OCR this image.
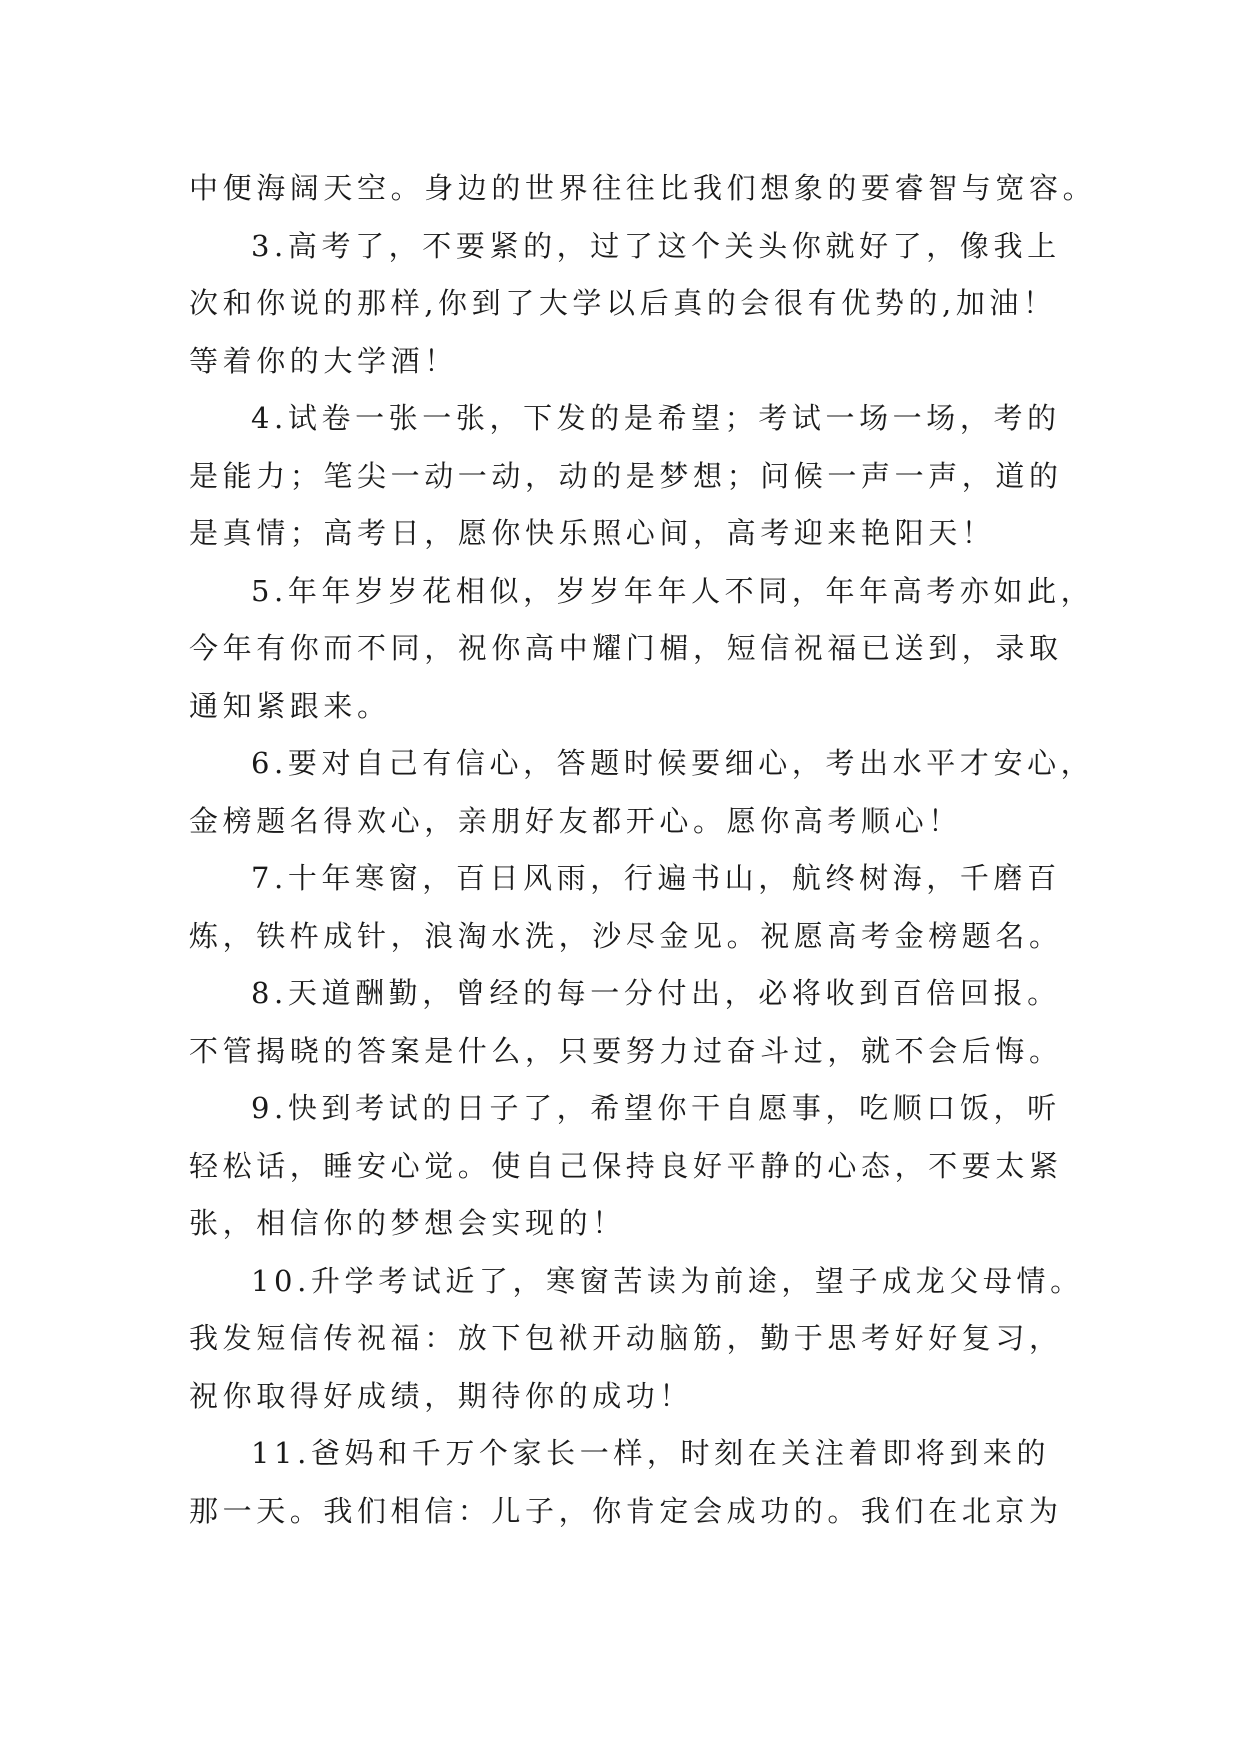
中便海阔天空。身边的世界往往比我们想象的要睿智与宽容。
3.高考了，不要紧的，过了这个关头你就好了，像我上
次和你说的那样,你到了大学以后真的会很有优势的,加油！
等着你的大学酒！
4.试卷一张一张，下发的是希望；考试一场一场，考的
是能力；笔尖一动一动，动的是梦想；问候一声一声，道的
是真情；高考日，愿你快乐照心间，高考迎来艳阳天！
5.年年岁岁花相似，岁岁年年人不同，年年高考亦如此，
今年有你而不同，祝你高中耀门楣，短信祝福已送到，录取
通知紧跟来。
6.要对自己有信心，答题时候要细心，考出水平才安心，
金榜题名得欢心，亲朋好友都开心。愿你高考顺心！
7.十年寒窗，百日风雨，行遍书山，航终树海，千磨百
炼，铁杵成针，浪淘水洗，沙尽金见。祝愿高考金榜题名。
8.天道酬勤，曾经的每一分付出，必将收到百倍回报。
不管揭晓的答案是什么，只要努力过奋斗过，就不会后悔。
9.快到考试的日子了，希望你干自愿事，吃顺口饭，听
轻松话，睡安心觉。使自己保持良好平静的心态，不要太紧
张，相信你的梦想会实现的！
10.升学考试近了，寒窗苦读为前途，望子成龙父母情。
我发短信传祝福：放下包袱开动脑筋，勤于思考好好复习，
祝你取得好成绩，期待你的成功！
11.爸妈和千万个家长一样，时刻在关注着即将到来的
那一天。我们相信：儿子，你肯定会成功的。我们在北京为
